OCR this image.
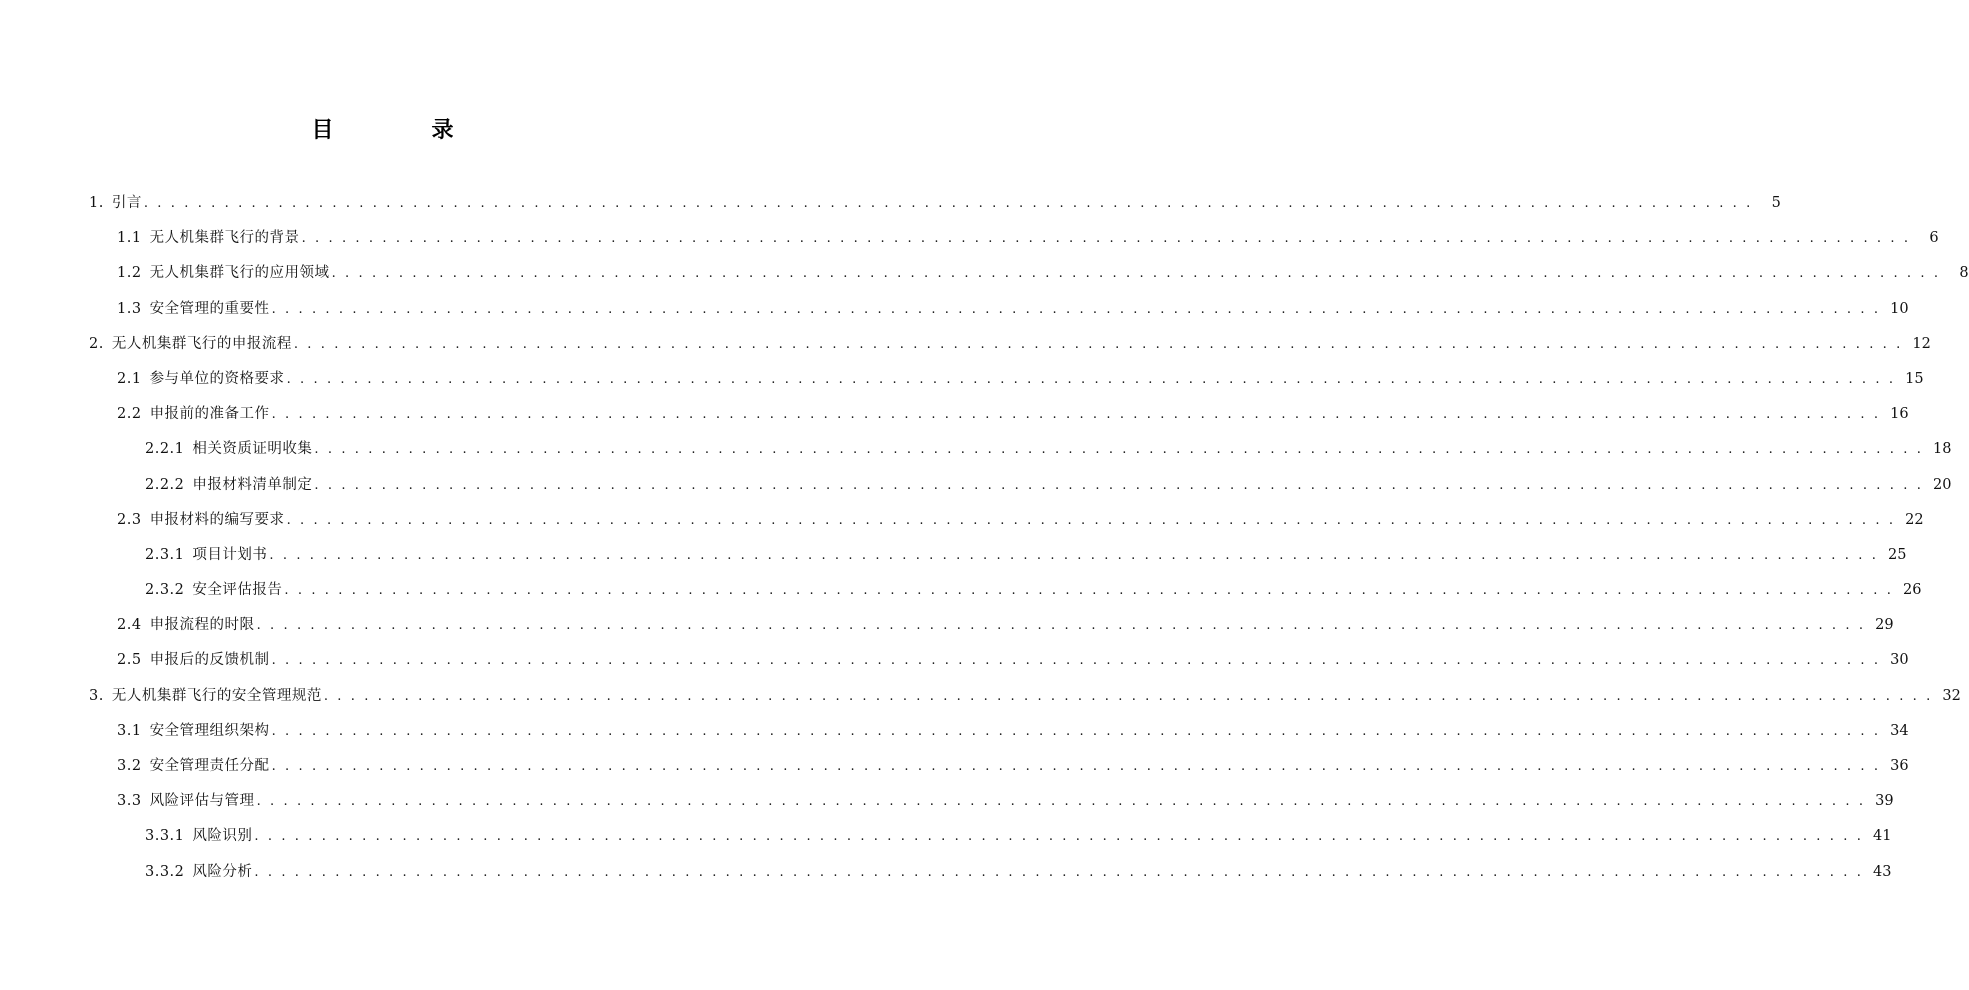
目　录
1. 引言 . . . . . . . . . . . . . . . . . . . . . . . . . . . . . . . . . . . . . . . . . . . . . . . . . . . . . . . . . . . . . . . . . . . . . . . . . . . . . . . . . . . . . . . . . . . . . . . . . . . . . . . . . . . . . . . . . . . . . . . .	5
1.1 无人机集群飞行的背景 . . . . . . . . . . . . . . . . . . . . . . . . . . . . . . . . . . . . . . . . . . . . . . . . . . . . . . . . . . . . . . . . . . . . . . . . . . . . . . . . . . . . . . . . . . . . . . . . . . . . . . . . . . . . . . . . . . . . . . . .	6
1.2 无人机集群飞行的应用领域 . . . . . . . . . . . . . . . . . . . . . . . . . . . . . . . . . . . . . . . . . . . . . . . . . . . . . . . . . . . . . . . . . . . . . . . . . . . . . . . . . . . . . . . . . . . . . . . . . . . . . . . . . . . . . . . . . . . . . . . .	8
1.3 安全管理的重要性 . . . . . . . . . . . . . . . . . . . . . . . . . . . . . . . . . . . . . . . . . . . . . . . . . . . . . . . . . . . . . . . . . . . . . . . . . . . . . . . . . . . . . . . . . . . . . . . . . . . . . . . . . . . . . . . . . . . . . . . . 10
2. 无人机集群飞行的申报流程 . . . . . . . . . . . . . . . . . . . . . . . . . . . . . . . . . . . . . . . . . . . . . . . . . . . . . . . . . . . . . . . . . . . . . . . . . . . . . . . . . . . . . . . . . . . . . . . . . . . . . . . . . . . . . . . . . . . . . . . . 12
2.1 参与单位的资格要求 . . . . . . . . . . . . . . . . . . . . . . . . . . . . . . . . . . . . . . . . . . . . . . . . . . . . . . . . . . . . . . . . . . . . . . . . . . . . . . . . . . . . . . . . . . . . . . . . . . . . . . . . . . . . . . . . . . . . . . . . 15
2.2 申报前的准备工作 . . . . . . . . . . . . . . . . . . . . . . . . . . . . . . . . . . . . . . . . . . . . . . . . . . . . . . . . . . . . . . . . . . . . . . . . . . . . . . . . . . . . . . . . . . . . . . . . . . . . . . . . . . . . . . . . . . . . . . . . 16
2.2.1 相关资质证明收集 . . . . . . . . . . . . . . . . . . . . . . . . . . . . . . . . . . . . . . . . . . . . . . . . . . . . . . . . . . . . . . . . . . . . . . . . . . . . . . . . . . . . . . . . . . . . . . . . . . . . . . . . . . . . . . . . . . . . . . . . 18
2.2.2 申报材料清单制定 . . . . . . . . . . . . . . . . . . . . . . . . . . . . . . . . . . . . . . . . . . . . . . . . . . . . . . . . . . . . . . . . . . . . . . . . . . . . . . . . . . . . . . . . . . . . . . . . . . . . . . . . . . . . . . . . . . . . . . . . 20
2.3 申报材料的编写要求 . . . . . . . . . . . . . . . . . . . . . . . . . . . . . . . . . . . . . . . . . . . . . . . . . . . . . . . . . . . . . . . . . . . . . . . . . . . . . . . . . . . . . . . . . . . . . . . . . . . . . . . . . . . . . . . . . . . . . . . . 22
2.3.1 项目计划书 . . . . . . . . . . . . . . . . . . . . . . . . . . . . . . . . . . . . . . . . . . . . . . . . . . . . . . . . . . . . . . . . . . . . . . . . . . . . . . . . . . . . . . . . . . . . . . . . . . . . . . . . . . . . . . . . . . . . . . . . 25
2.3.2 安全评估报告 . . . . . . . . . . . . . . . . . . . . . . . . . . . . . . . . . . . . . . . . . . . . . . . . . . . . . . . . . . . . . . . . . . . . . . . . . . . . . . . . . . . . . . . . . . . . . . . . . . . . . . . . . . . . . . . . . . . . . . . . 26
2.4 申报流程的时限 . . . . . . . . . . . . . . . . . . . . . . . . . . . . . . . . . . . . . . . . . . . . . . . . . . . . . . . . . . . . . . . . . . . . . . . . . . . . . . . . . . . . . . . . . . . . . . . . . . . . . . . . . . . . . . . . . . . . . . . . 29
2.5 申报后的反馈机制 . . . . . . . . . . . . . . . . . . . . . . . . . . . . . . . . . . . . . . . . . . . . . . . . . . . . . . . . . . . . . . . . . . . . . . . . . . . . . . . . . . . . . . . . . . . . . . . . . . . . . . . . . . . . . . . . . . . . . . . . 30
3. 无人机集群飞行的安全管理规范 . . . . . . . . . . . . . . . . . . . . . . . . . . . . . . . . . . . . . . . . . . . . . . . . . . . . . . . . . . . . . . . . . . . . . . . . . . . . . . . . . . . . . . . . . . . . . . . . . . . . . . . . . . . . . . . . . . . . . . . . 32
3.1 安全管理组织架构 . . . . . . . . . . . . . . . . . . . . . . . . . . . . . . . . . . . . . . . . . . . . . . . . . . . . . . . . . . . . . . . . . . . . . . . . . . . . . . . . . . . . . . . . . . . . . . . . . . . . . . . . . . . . . . . . . . . . . . . . 34
3.2 安全管理责任分配 . . . . . . . . . . . . . . . . . . . . . . . . . . . . . . . . . . . . . . . . . . . . . . . . . . . . . . . . . . . . . . . . . . . . . . . . . . . . . . . . . . . . . . . . . . . . . . . . . . . . . . . . . . . . . . . . . . . . . . . . 36
3.3 风险评估与管理 . . . . . . . . . . . . . . . . . . . . . . . . . . . . . . . . . . . . . . . . . . . . . . . . . . . . . . . . . . . . . . . . . . . . . . . . . . . . . . . . . . . . . . . . . . . . . . . . . . . . . . . . . . . . . . . . . . . . . . . . 39
3.3.1 风险识别 . . . . . . . . . . . . . . . . . . . . . . . . . . . . . . . . . . . . . . . . . . . . . . . . . . . . . . . . . . . . . . . . . . . . . . . . . . . . . . . . . . . . . . . . . . . . . . . . . . . . . . . . . . . . . . . . . . . . . . . . 41
3.3.2 风险分析 . . . . . . . . . . . . . . . . . . . . . . . . . . . . . . . . . . . . . . . . . . . . . . . . . . . . . . . . . . . . . . . . . . . . . . . . . . . . . . . . . . . . . . . . . . . . . . . . . . . . . . . . . . . . . . . . . . . . . . . . 43
